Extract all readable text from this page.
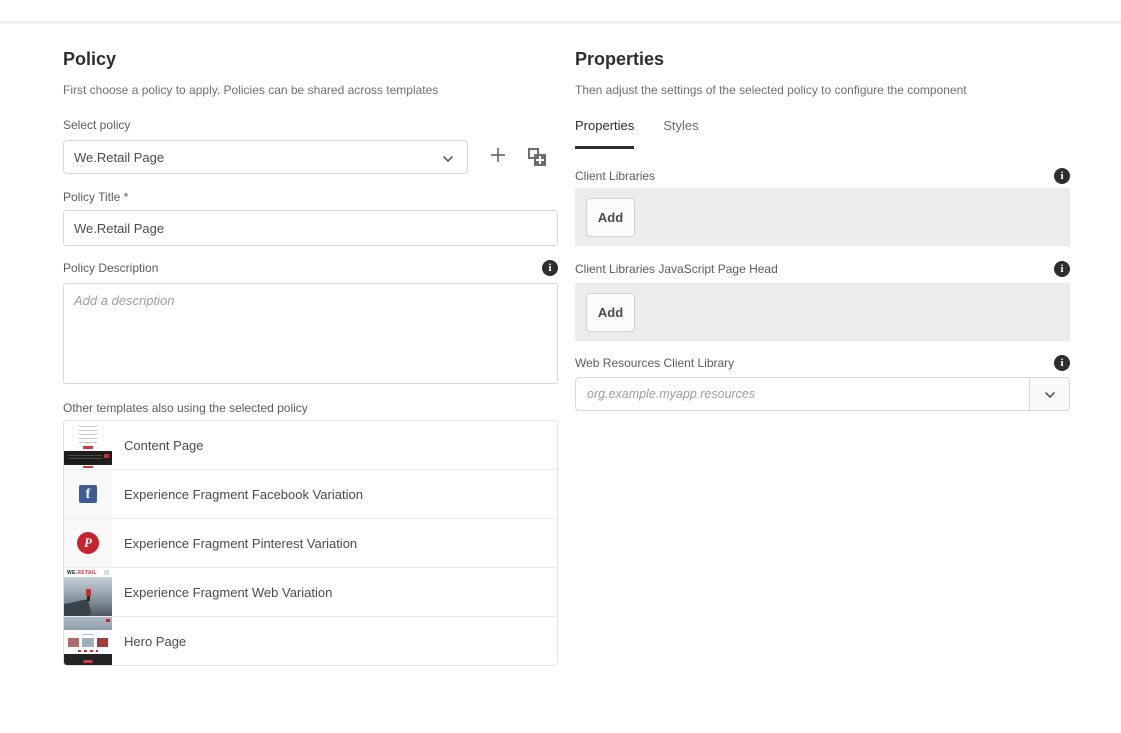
Policy

First choose a policy to apply. Policies can be shared across templates

Select policy
We.Retail Page
Policy Title *
We.Retail Page
Policy Description	i
Add a description
Other templates also using the selected policy
Content Page
f	Experience Fragment Facebook Variation
P	Experience Fragment Pinterest Variation
WE. RETAIL
Experience Fragment Web Variation
Hero Page
Properties

Then adjust the settings of the selected policy to configure the component

Properties Styles
Client Libraries	i
Add
Client Libraries JavaScript Page Head	i
Add
Web Resources Client Library	i
org.example.myapp.resources
